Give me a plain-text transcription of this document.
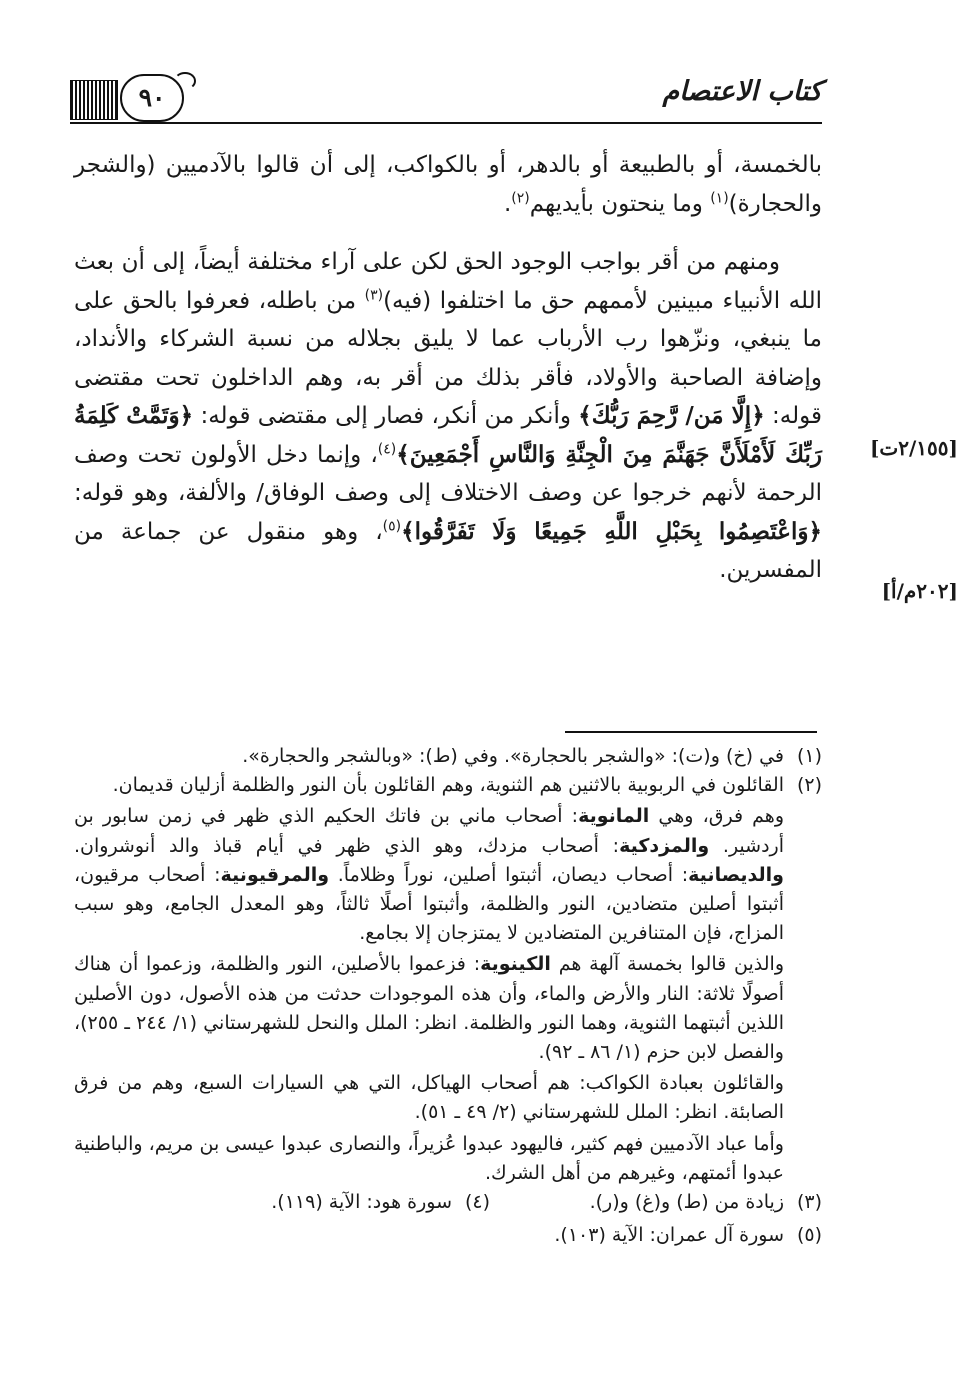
كتاب الاعتصام
٩٠
[٢/١٥٥ت]
[٢٠٢م/أ]

بالخمسة، أو بالطبيعة أو بالدهر، أو بالكواكب، إلى أن قالوا بالآدميين (والشجر والحجارة)$^{(١)}$ وما ينحتون بأيديهم$^{(٢)}$.

ومنهم من أقر بواجب الوجود الحق لكن على آراء مختلفة أيضاً، إلى أن بعث الله الأنبياء مبينين لأممهم حق ما اختلفوا (فيه)$^{(٣)}$ من باطله، فعرفوا بالحق على ما ينبغي، ونزّهوا رب الأرباب عما لا يليق بجلاله من نسبة الشركاء والأنداد، وإضافة الصاحبة والأولاد، فأقر بذلك من أقر به، وهم الداخلون تحت مقتضى قوله: ﴿إِلَّا مَن/ رَّحِمَ رَبُّكَ﴾ وأنكر من أنكر، فصار إلى مقتضى قوله: ﴿وَتَمَّتْ كَلِمَةُ رَبِّكَ لَأَمْلَأَنَّ جَهَنَّمَ مِنَ الْجِنَّةِ وَالنَّاسِ أَجْمَعِينَ﴾$^{(٤)}$، وإنما دخل الأولون تحت وصف الرحمة لأنهم خرجوا عن وصف الاختلاف إلى وصف الوفاق/ والألفة، وهو قوله: ﴿وَاعْتَصِمُوا بِحَبْلِ اللَّهِ جَمِيعًا وَلَا تَفَرَّقُوا﴾$^{(٥)}$، وهو منقول عن جماعة من المفسرين.

(١)

في (خ) و(ت): «والشجر بالحجارة». وفي (ط): «وبالشجر والحجارة».

(٢)

القائلون في الربوبية بالاثنين هم الثنوية، وهم القائلون بأن النور والظلمة أزليان قديمان.

وهم فرق، وهي المانوية: أصحاب ماني بن فاتك الحكيم الذي ظهر في زمن سابور بن أردشير. والمزدكية: أصحاب مزدك، وهو الذي ظهر في أيام قباذ والد أنوشروان. والديصانية: أصحاب ديصان، أثبتوا أصلين، نوراً وظلاماً. والمرقيونية: أصحاب مرقيون، أثبتوا أصلين متضادين، النور والظلمة، وأثبتوا أصلًا ثالثاً، وهو المعدل الجامع، وهو سبب المزاج، فإن المتنافرين المتضادين لا يمتزجان إلا بجامع.

والذين قالوا بخمسة آلهة هم الكينوية: فزعموا بالأصلين، النور والظلمة، وزعموا أن هناك أصولًا ثلاثة: النار والأرض والماء، وأن هذه الموجودات حدثت من هذه الأصول، دون الأصلين اللذين أثبتهما الثنوية، وهما النور والظلمة. انظر: الملل والنحل للشهرستاني (١/ ٢٤٤ ـ ٢٥٥)، والفصل لابن حزم (١/ ٨٦ ـ ٩٢).

والقائلون بعبادة الكواكب: هم أصحاب الهياكل، التي هي السيارات السبع، وهم من فرق الصابئة. انظر: الملل للشهرستاني (٢/ ٤٩ ـ ٥١).

وأما عباد الآدميين فهم كثير، فاليهود عبدوا عُزيراً، والنصارى عبدوا عيسى بن مريم، والباطنية عبدوا أئمتهم، وغيرهم من أهل الشرك.

(٣)
زيادة من (ط) و(غ) و(ر).
(٤)
سورة هود: الآية (١١٩).
(٥)

سورة آل عمران: الآية (١٠٣).
